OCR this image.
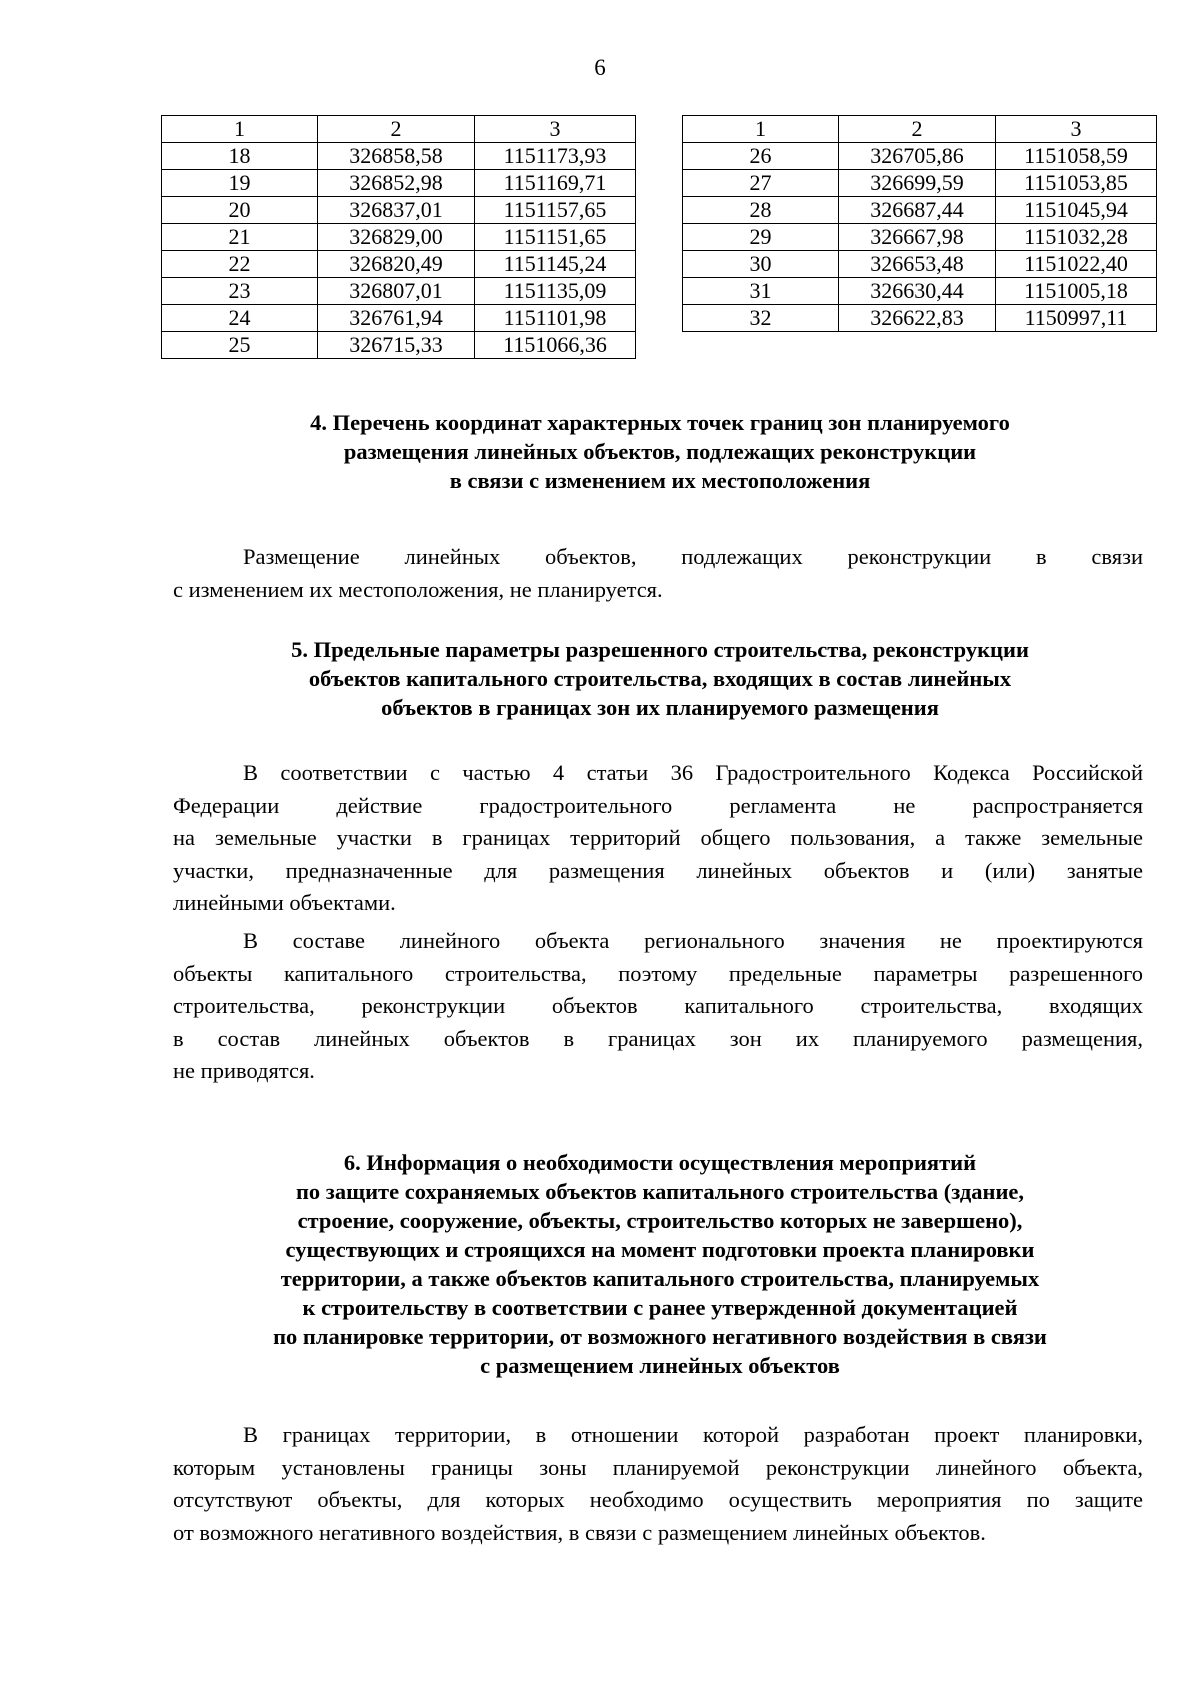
6
1	2	3
18	326858,58	1151173,93
19	326852,98	1151169,71
20	326837,01	1151157,65
21	326829,00	1151151,65
22	326820,49	1151145,24
23	326807,01	1151135,09
24	326761,94	1151101,98
25	326715,33	1151066,36
1	2	3
26	326705,86	1151058,59
27	326699,59	1151053,85
28	326687,44	1151045,94
29	326667,98	1151032,28
30	326653,48	1151022,40
31	326630,44	1151005,18
32	326622,83	1150997,11
4. Перечень координат характерных точек границ зон планируемого
размещения линейных объектов, подлежащих реконструкции
в связи с изменением их местоположения
Размещение линейных объектов, подлежащих реконструкции в связи
с изменением их местоположения, не планируется.
5. Предельные параметры разрешенного строительства, реконструкции
объектов капитального строительства, входящих в состав линейных
объектов в границах зон их планируемого размещения
В соответствии с частью 4 статьи 36 Градостроительного Кодекса Российской
Федерации действие градостроительного регламента не распространяется
на земельные участки в границах территорий общего пользования, а также земельные
участки, предназначенные для размещения линейных объектов и (или) занятые
линейными объектами.
В составе линейного объекта регионального значения не проектируются
объекты капитального строительства, поэтому предельные параметры разрешенного
строительства, реконструкции объектов капитального строительства, входящих
в состав линейных объектов в границах зон их планируемого размещения,
не приводятся.
6. Информация о необходимости осуществления мероприятий
по защите сохраняемых объектов капитального строительства (здание,
строение, сооружение, объекты, строительство которых не завершено),
существующих и строящихся на момент подготовки проекта планировки
территории, а также объектов капитального строительства, планируемых
к строительству в соответствии с ранее утвержденной документацией
по планировке территории, от возможного негативного воздействия в связи
с размещением линейных объектов
В границах территории, в отношении которой разработан проект планировки,
которым установлены границы зоны планируемой реконструкции линейного объекта,
отсутствуют объекты, для которых необходимо осуществить мероприятия по защите
от возможного негативного воздействия, в связи с размещением линейных объектов.
